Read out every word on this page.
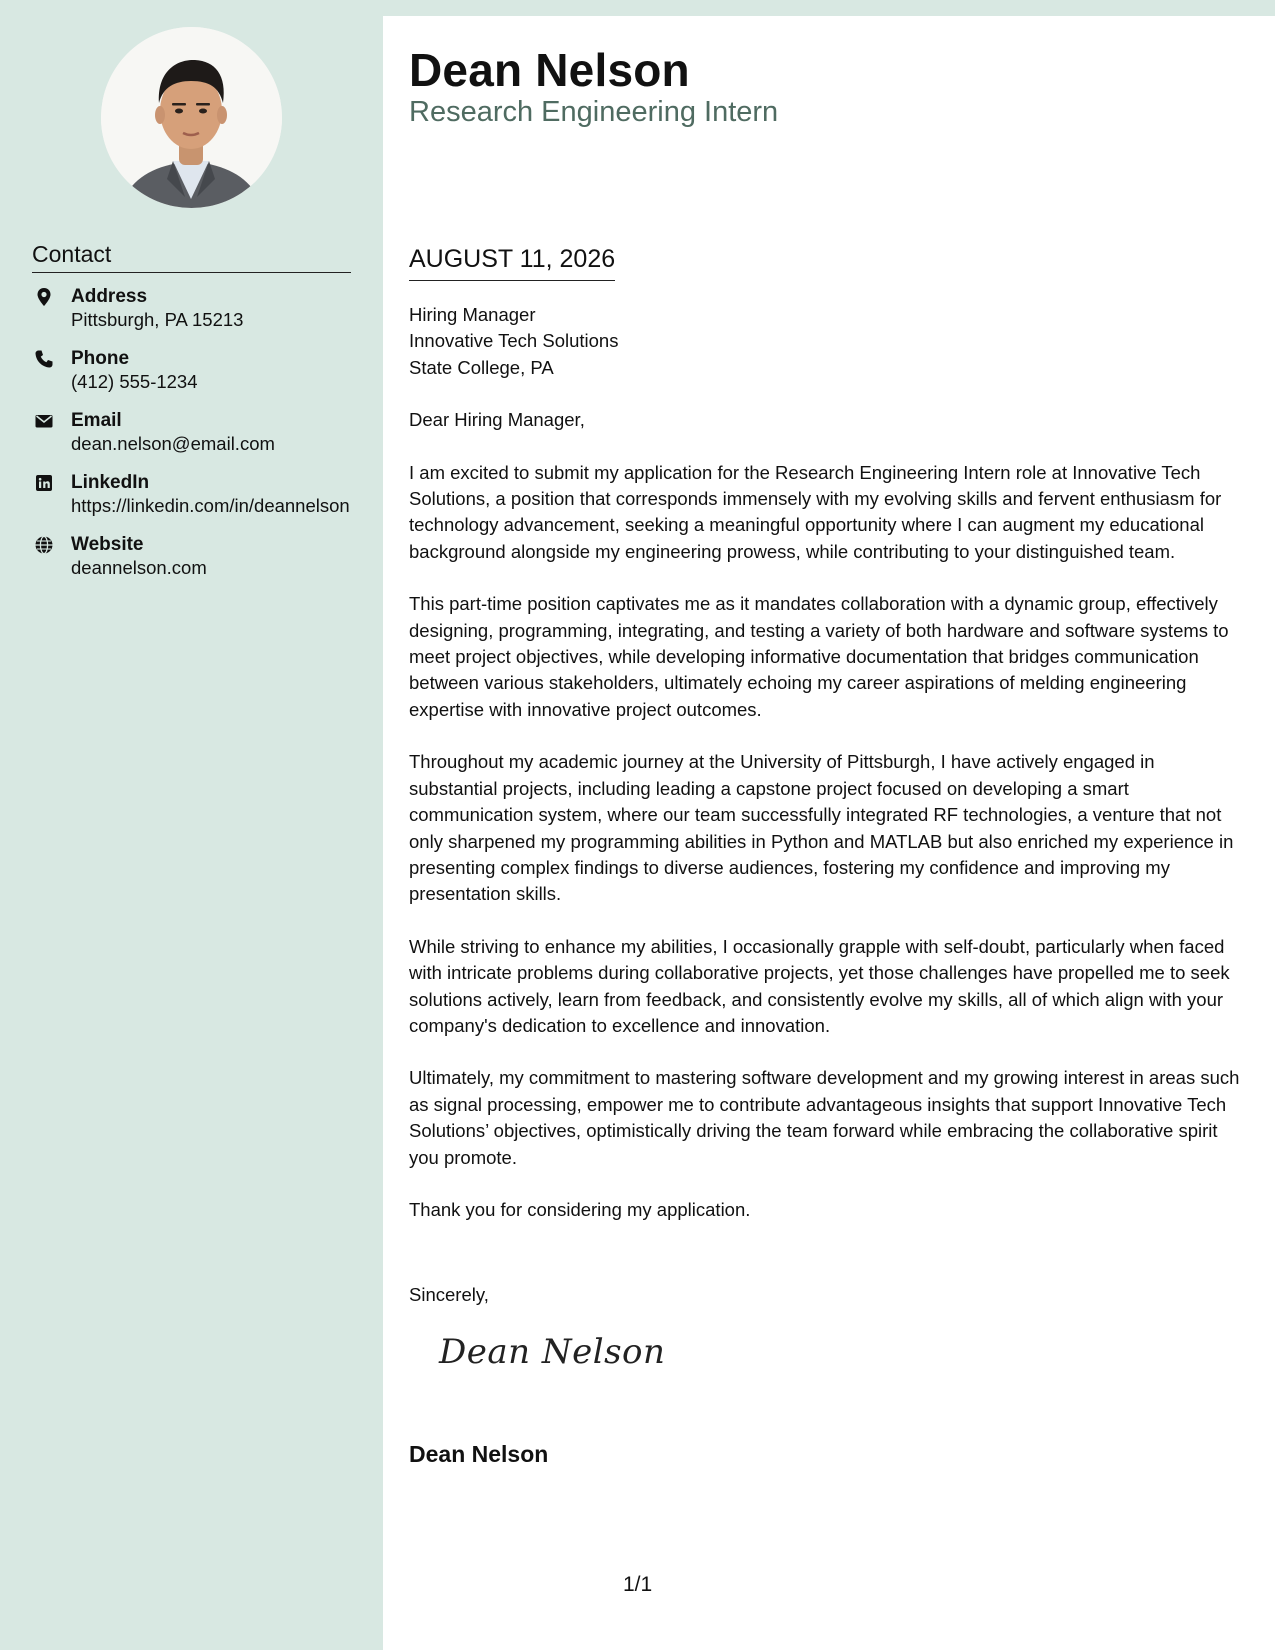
Contact
Address
Pittsburgh, PA 15213
Phone
(412) 555-1234
Email
dean.nelson@email.com
LinkedIn
https://linkedin.com/in/deannelson
Website
deannelson.com
Dean Nelson
Research Engineering Intern
AUGUST 11, 2026

Hiring Manager

Innovative Tech Solutions

State College, PA

Dear Hiring Manager,

I am excited to submit my application for the Research Engineering Intern role at Innovative Tech Solutions, a position that corresponds immensely with my evolving skills and fervent enthusiasm for technology advancement, seeking a meaningful opportunity where I can augment my educational background alongside my engineering prowess, while contributing to your distinguished team.

This part-time position captivates me as it mandates collaboration with a dynamic group, effectively designing, programming, integrating, and testing a variety of both hardware and software systems to meet project objectives, while developing informative documentation that bridges communication between various stakeholders, ultimately echoing my career aspirations of melding engineering expertise with innovative project outcomes.

Throughout my academic journey at the University of Pittsburgh, I have actively engaged in substantial projects, including leading a capstone project focused on developing a smart communication system, where our team successfully integrated RF technologies, a venture that not only sharpened my programming abilities in Python and MATLAB but also enriched my experience in presenting complex findings to diverse audiences, fostering my confidence and improving my presentation skills.

While striving to enhance my abilities, I occasionally grapple with self-doubt, particularly when faced with intricate problems during collaborative projects, yet those challenges have propelled me to seek solutions actively, learn from feedback, and consistently evolve my skills, all of which align with your company's dedication to excellence and innovation.

Ultimately, my commitment to mastering software development and my growing interest in areas such as signal processing, empower me to contribute advantageous insights that support Innovative Tech Solutions’ objectives, optimistically driving the team forward while embracing the collaborative spirit you promote.

Thank you for considering my application.

Sincerely,
Dean Nelson
Dean Nelson
1/1
